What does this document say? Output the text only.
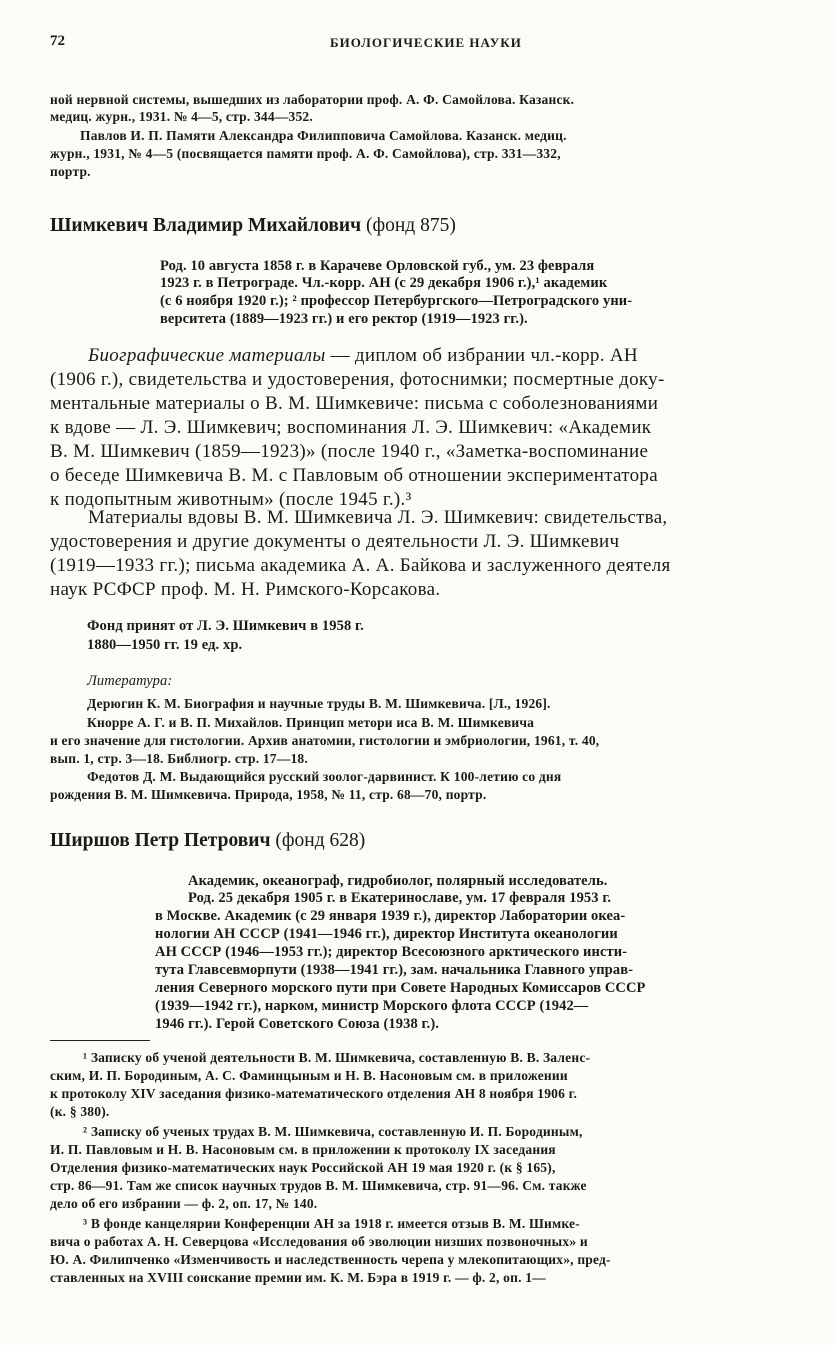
72	БИОЛОГИЧЕСКИЕ НАУКИ
ной нервной системы, вышедших из лаборатории проф. А. Ф. Самойлова. Казанск.
медиц. журн., 1931. № 4—5, стр. 344—352.
Павлов И. П. Памяти Александра Филипповича Самойлова. Казанск. медиц.
журн., 1931, № 4—5 (посвящается памяти проф. А. Ф. Самойлова), стр. 331—332,
портр.
Шимкевич Владимир Михайлович (фонд 875)
Род. 10 августа 1858 г. в Карачеве Орловской губ., ум. 23 февраля
1923 г. в Петрограде. Чл.-корр. АН (с 29 декабря 1906 г.),¹ академик
(с 6 ноября 1920 г.); ² профессор Петербургского—Петроградского уни-
верситета (1889—1923 гг.) и его ректор (1919—1923 гг.).
Биографические материалы — диплом об избрании чл.-корр. АН
(1906 г.), свидетельства и удостоверения, фотоснимки; посмертные доку-
ментальные материалы о В. М. Шимкевиче: письма с соболезнованиями
к вдове — Л. Э. Шимкевич; воспоминания Л. Э. Шимкевич: «Академик
В. М. Шимкевич (1859—1923)» (после 1940 г., «Заметка-воспоминание
о беседе Шимкевича В. М. с Павловым об отношении экспериментатора
к подопытным животным» (после 1945 г.).³
Материалы вдовы В. М. Шимкевича Л. Э. Шимкевич: свидетельства,
удостоверения и другие документы о деятельности Л. Э. Шимкевич
(1919—1933 гг.); письма академика А. А. Байкова и заслуженного деятеля
наук РСФСР проф. М. Н. Римского-Корсакова.
Фонд принят от Л. Э. Шимкевич в 1958 г.
1880—1950 гг. 19 ед. хр.
Литература:
Дерюгин К. М. Биография и научные труды В. М. Шимкевича. [Л., 1926].
Кнорре А. Г. и В. П. Михайлов. Принцип метори иса В. М. Шимкевича
и его значение для гистологии. Архив анатомии, гистологии и эмбриологии, 1961, т. 40,
вып. 1, стр. 3—18. Библиогр. стр. 17—18.
Федотов Д. М. Выдающийся русский зоолог-дарвинист. К 100-летию со дня
рождения В. М. Шимкевича. Природа, 1958, № 11, стр. 68—70, портр.
Ширшов Петр Петрович (фонд 628)
Академик, океанограф, гидробиолог, полярный исследователь.
Род. 25 декабря 1905 г. в Екатеринославе, ум. 17 февраля 1953 г.
в Москве. Академик (с 29 января 1939 г.), директор Лаборатории океа-
нологии АН СССР (1941—1946 гг.), директор Института океанологии
АН СССР (1946—1953 гг.); директор Всесоюзного арктического инсти-
тута Главсевморпути (1938—1941 гг.), зам. начальника Главного управ-
ления Северного морского пути при Совете Народных Комиссаров СССР
(1939—1942 гг.), нарком, министр Морского флота СССР (1942—
1946 гг.). Герой Советского Союза (1938 г.).
¹ Записку об ученой деятельности В. М. Шимкевича, составленную В. В. Заленс-
ским, И. П. Бородиным, А. С. Фаминцыным и Н. В. Насоновым см. в приложении
к протоколу XIV заседания физико-математического отделения АН 8 ноября 1906 г.
(к. § 380).
² Записку об ученых трудах В. М. Шимкевича, составленную И. П. Бородиным,
И. П. Павловым и Н. В. Насоновым см. в приложении к протоколу IX заседания
Отделения физико-математических наук Российской АН 19 мая 1920 г. (к § 165),
стр. 86—91. Там же список научных трудов В. М. Шимкевича, стр. 91—96. См. также
дело об его избрании — ф. 2, оп. 17, № 140.
³ В фонде канцелярии Конференции АН за 1918 г. имеется отзыв В. М. Шимке-
вича о работах А. Н. Северцова «Исследования об эволюции низших позвоночных» и
Ю. А. Филипченко «Изменчивость и наследственность черепа у млекопитающих», пред-
ставленных на XVIII соискание премии им. К. М. Бэра в 1919 г. — ф. 2, оп. 1—
